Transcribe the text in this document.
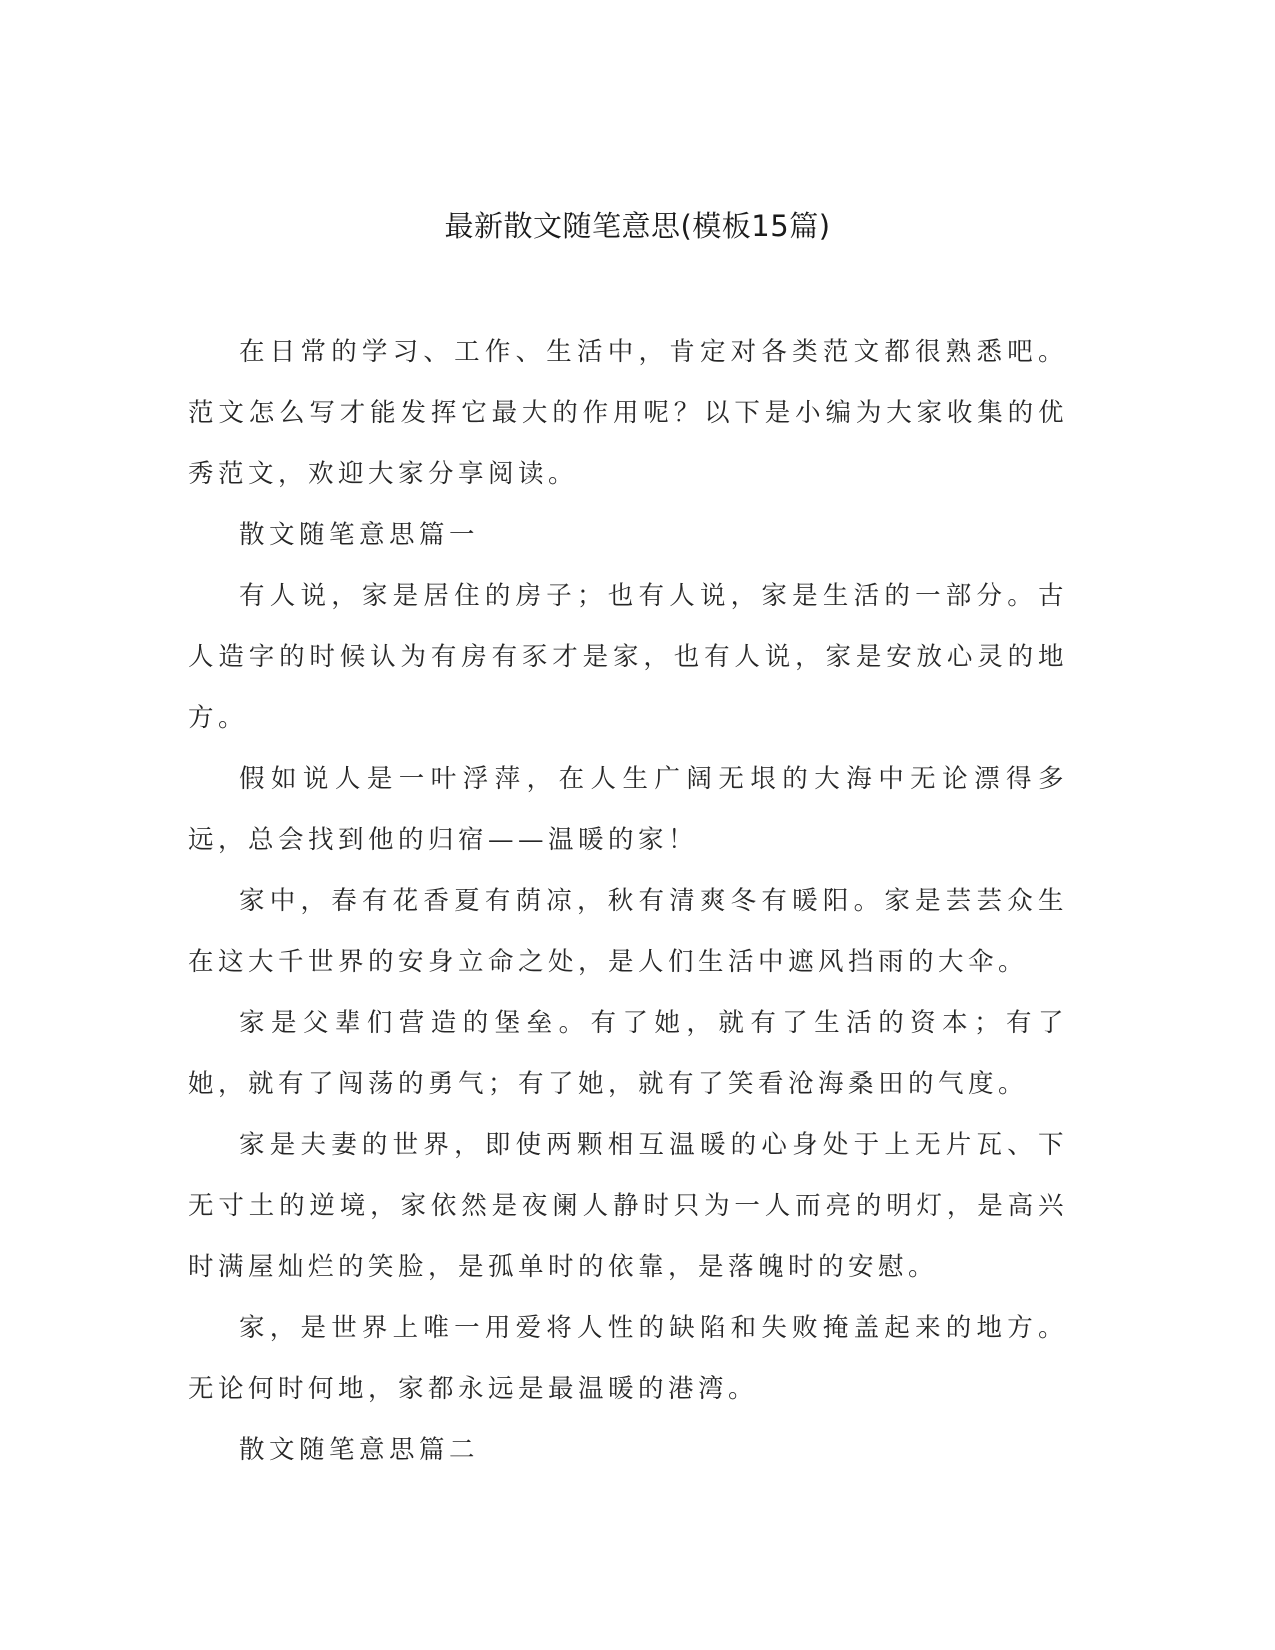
最新散文随笔意思(模板15篇)

在日常的学习、工作、生活中，肯定对各类范文都很熟悉吧。范文怎么写才能发挥它最大的作用呢？以下是小编为大家收集的优秀范文，欢迎大家分享阅读。

散文随笔意思篇一

有人说，家是居住的房子；也有人说，家是生活的一部分。古人造字的时候认为有房有豕才是家，也有人说，家是安放心灵的地方。

假如说人是一叶浮萍，在人生广阔无垠的大海中无论漂得多远，总会找到他的归宿——温暖的家！

家中，春有花香夏有荫凉，秋有清爽冬有暖阳。家是芸芸众生在这大千世界的安身立命之处，是人们生活中遮风挡雨的大伞。

家是父辈们营造的堡垒。有了她，就有了生活的资本；有了她，就有了闯荡的勇气；有了她，就有了笑看沧海桑田的气度。

家是夫妻的世界，即使两颗相互温暖的心身处于上无片瓦、下无寸土的逆境，家依然是夜阑人静时只为一人而亮的明灯，是高兴时满屋灿烂的笑脸，是孤单时的依靠，是落魄时的安慰。

家，是世界上唯一用爱将人性的缺陷和失败掩盖起来的地方。无论何时何地，家都永远是最温暖的港湾。

散文随笔意思篇二
